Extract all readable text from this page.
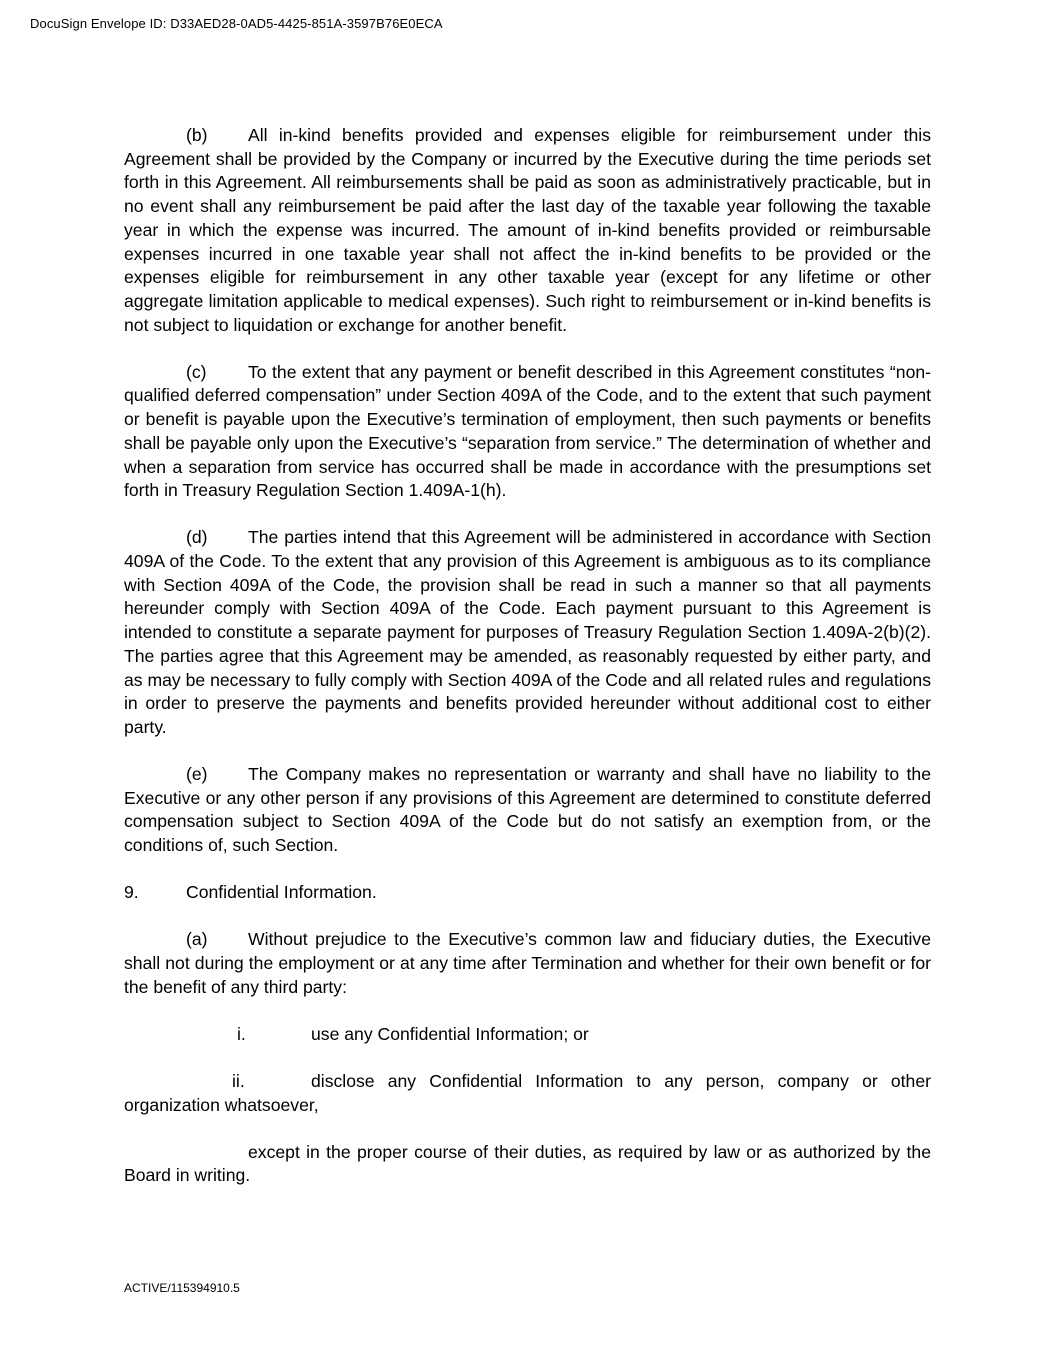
DocuSign Envelope ID: D33AED28-0AD5-4425-851A-3597B76E0ECA

(b) All in-kind benefits provided and expenses eligible for reimbursement under this Agreement shall be provided by the Company or incurred by the Executive during the time periods set forth in this Agreement. All reimbursements shall be paid as soon as administratively practicable, but in no event shall any reimbursement be paid after the last day of the taxable year following the taxable year in which the expense was incurred. The amount of in-kind benefits provided or reimbursable expenses incurred in one taxable year shall not affect the in-kind benefits to be provided or the expenses eligible for reimbursement in any other taxable year (except for any lifetime or other aggregate limitation applicable to medical expenses). Such right to reimbursement or in-kind benefits is not subject to liquidation or exchange for another benefit.

(c) To the extent that any payment or benefit described in this Agreement constitutes “non-qualified deferred compensation” under Section 409A of the Code, and to the extent that such payment or benefit is payable upon the Executive’s termination of employment, then such payments or benefits shall be payable only upon the Executive’s “separation from service.” The determination of whether and when a separation from service has occurred shall be made in accordance with the presumptions set forth in Treasury Regulation Section 1.409A-1(h).

(d) The parties intend that this Agreement will be administered in accordance with Section 409A of the Code. To the extent that any provision of this Agreement is ambiguous as to its compliance with Section 409A of the Code, the provision shall be read in such a manner so that all payments hereunder comply with Section 409A of the Code. Each payment pursuant to this Agreement is intended to constitute a separate payment for purposes of Treasury Regulation Section 1.409A-2(b)(2). The parties agree that this Agreement may be amended, as reasonably requested by either party, and as may be necessary to fully comply with Section 409A of the Code and all related rules and regulations in order to preserve the payments and benefits provided hereunder without additional cost to either party.

(e) The Company makes no representation or warranty and shall have no liability to the Executive or any other person if any provisions of this Agreement are determined to constitute deferred compensation subject to Section 409A of the Code but do not satisfy an exemption from, or the conditions of, such Section.

9.	Confidential Information.

(a) Without prejudice to the Executive’s common law and fiduciary duties, the Executive shall not during the employment or at any time after Termination and whether for their own benefit or for the benefit of any third party:

i.	use any Confidential Information; or

ii.	disclose any Confidential Information to any person, company or other organization whatsoever,

except in the proper course of their duties, as required by law or as authorized by the Board in writing.

ACTIVE/115394910.5
